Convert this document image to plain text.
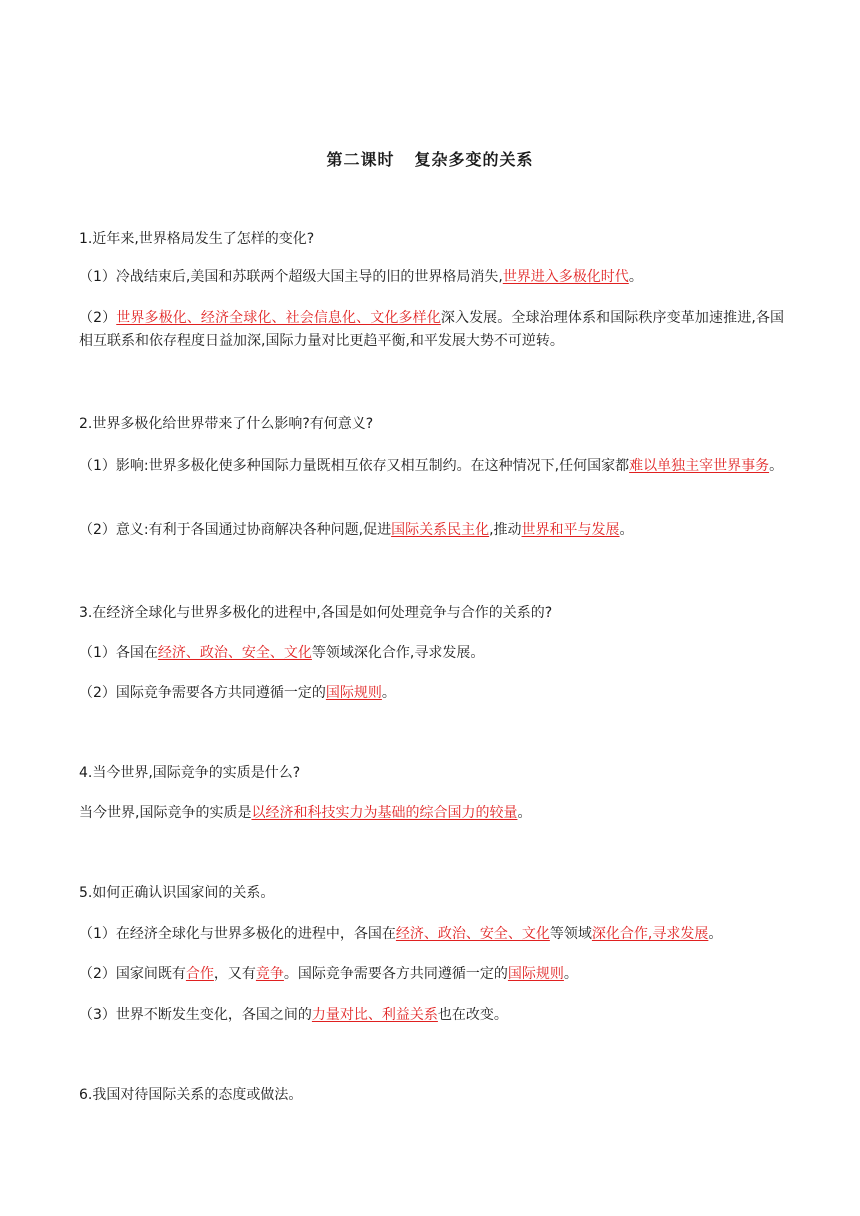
第二课时 复杂多变的关系
1.近年来,世界格局发生了怎样的变化?
（1）冷战结束后,美国和苏联两个超级大国主导的旧的世界格局消失,世界进入多极化时代。
（2）世界多极化、经济全球化、社会信息化、文化多样化深入发展。全球治理体系和国际秩序变革加速推进,各国相互联系和依存程度日益加深,国际力量对比更趋平衡,和平发展大势不可逆转。
2.世界多极化给世界带来了什么影响?有何意义?
（1）影响:世界多极化使多种国际力量既相互依存又相互制约。在这种情况下,任何国家都难以单独主宰世界事务。
（2）意义:有利于各国通过协商解决各种问题,促进国际关系民主化,推动世界和平与发展。
3.在经济全球化与世界多极化的进程中,各国是如何处理竞争与合作的关系的?
（1）各国在经济、政治、安全、文化等领域深化合作,寻求发展。
（2）国际竞争需要各方共同遵循一定的国际规则。
4.当今世界,国际竞争的实质是什么?
当今世界,国际竞争的实质是以经济和科技实力为基础的综合国力的较量。
5.如何正确认识国家间的关系。
（1）在经济全球化与世界多极化的进程中，各国在经济、政治、安全、文化等领域深化合作,寻求发展。
（2）国家间既有合作，又有竞争。国际竞争需要各方共同遵循一定的国际规则。
（3）世界不断发生变化，各国之间的力量对比、利益关系也在改变。
6.我国对待国际关系的态度或做法。
